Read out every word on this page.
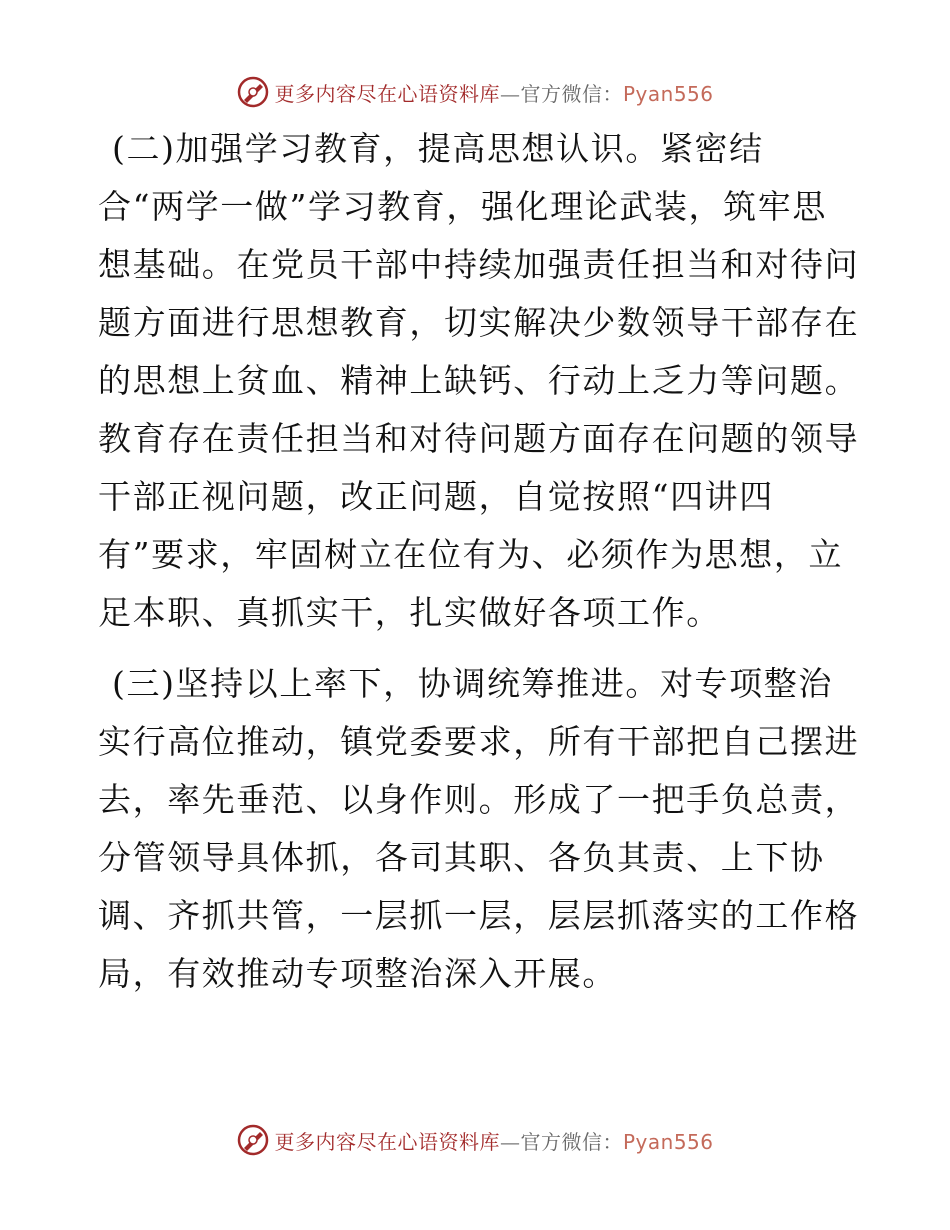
更多内容尽在心语资料库—官方微信：Pyan556
(二)加强学习教育，提高思想认识。紧密结
合“两学一做”学习教育，强化理论武装，筑牢思
想基础。在党员干部中持续加强责任担当和对待问
题方面进行思想教育，切实解决少数领导干部存在
的思想上贫血、精神上缺钙、行动上乏力等问题。
教育存在责任担当和对待问题方面存在问题的领导
干部正视问题，改正问题，自觉按照“四讲四
有”要求，牢固树立在位有为、必须作为思想，立
足本职、真抓实干，扎实做好各项工作。
(三)坚持以上率下，协调统筹推进。对专项整治
实行高位推动，镇党委要求，所有干部把自己摆进
去，率先垂范、以身作则。形成了一把手负总责，
分管领导具体抓，各司其职、各负其责、上下协
调、齐抓共管，一层抓一层，层层抓落实的工作格
局，有效推动专项整治深入开展。
更多内容尽在心语资料库—官方微信：Pyan556
